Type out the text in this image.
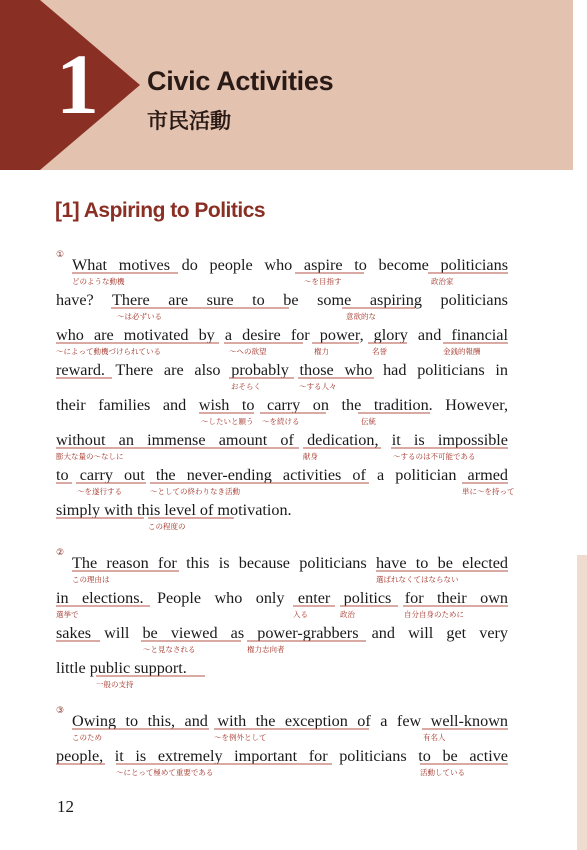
1 Civic Activities
市民活動
[1] Aspiring to Politics
①
②
③
What motives do people who aspire to become politicians
have? There are sure to be some aspiring politicians
who are motivated by a desire for power, glory and financial
reward. There are also probably those who had politicians in
their families and wish to carry on the tradition. However,
without an immense amount of dedication, it is impossible
to carry out the never-ending activities of a politician armed
simply with this level of motivation.
The reason for this is because politicians have to be elected
in elections. People who only enter politics for their own
sakes will be viewed as power-grabbers and will get very
little public support.
Owing to this, and with the exception of a few well-known
people, it is extremely important for politicians to be active
どのような動機	〜を目指す	政治家
〜は必ずいる	意欲的な
〜によって動機づけられている	〜への欲望	権力	名誉	金銭的報酬
おそらく	〜する人々
〜したいと願う 〜を続ける	伝統
膨大な量の〜なしに	献身	〜するのは不可能である
〜を遂行する	〜としての終わりなき活動	単に〜を持って
この程度の
この理由は	選ばれなくてはならない
選挙で	入る	政治	自分自身のために
〜と見なされる	権力志向者
一般の支持
このため	〜を例外として	有名人
〜にとって極めて重要である	活動している
12
